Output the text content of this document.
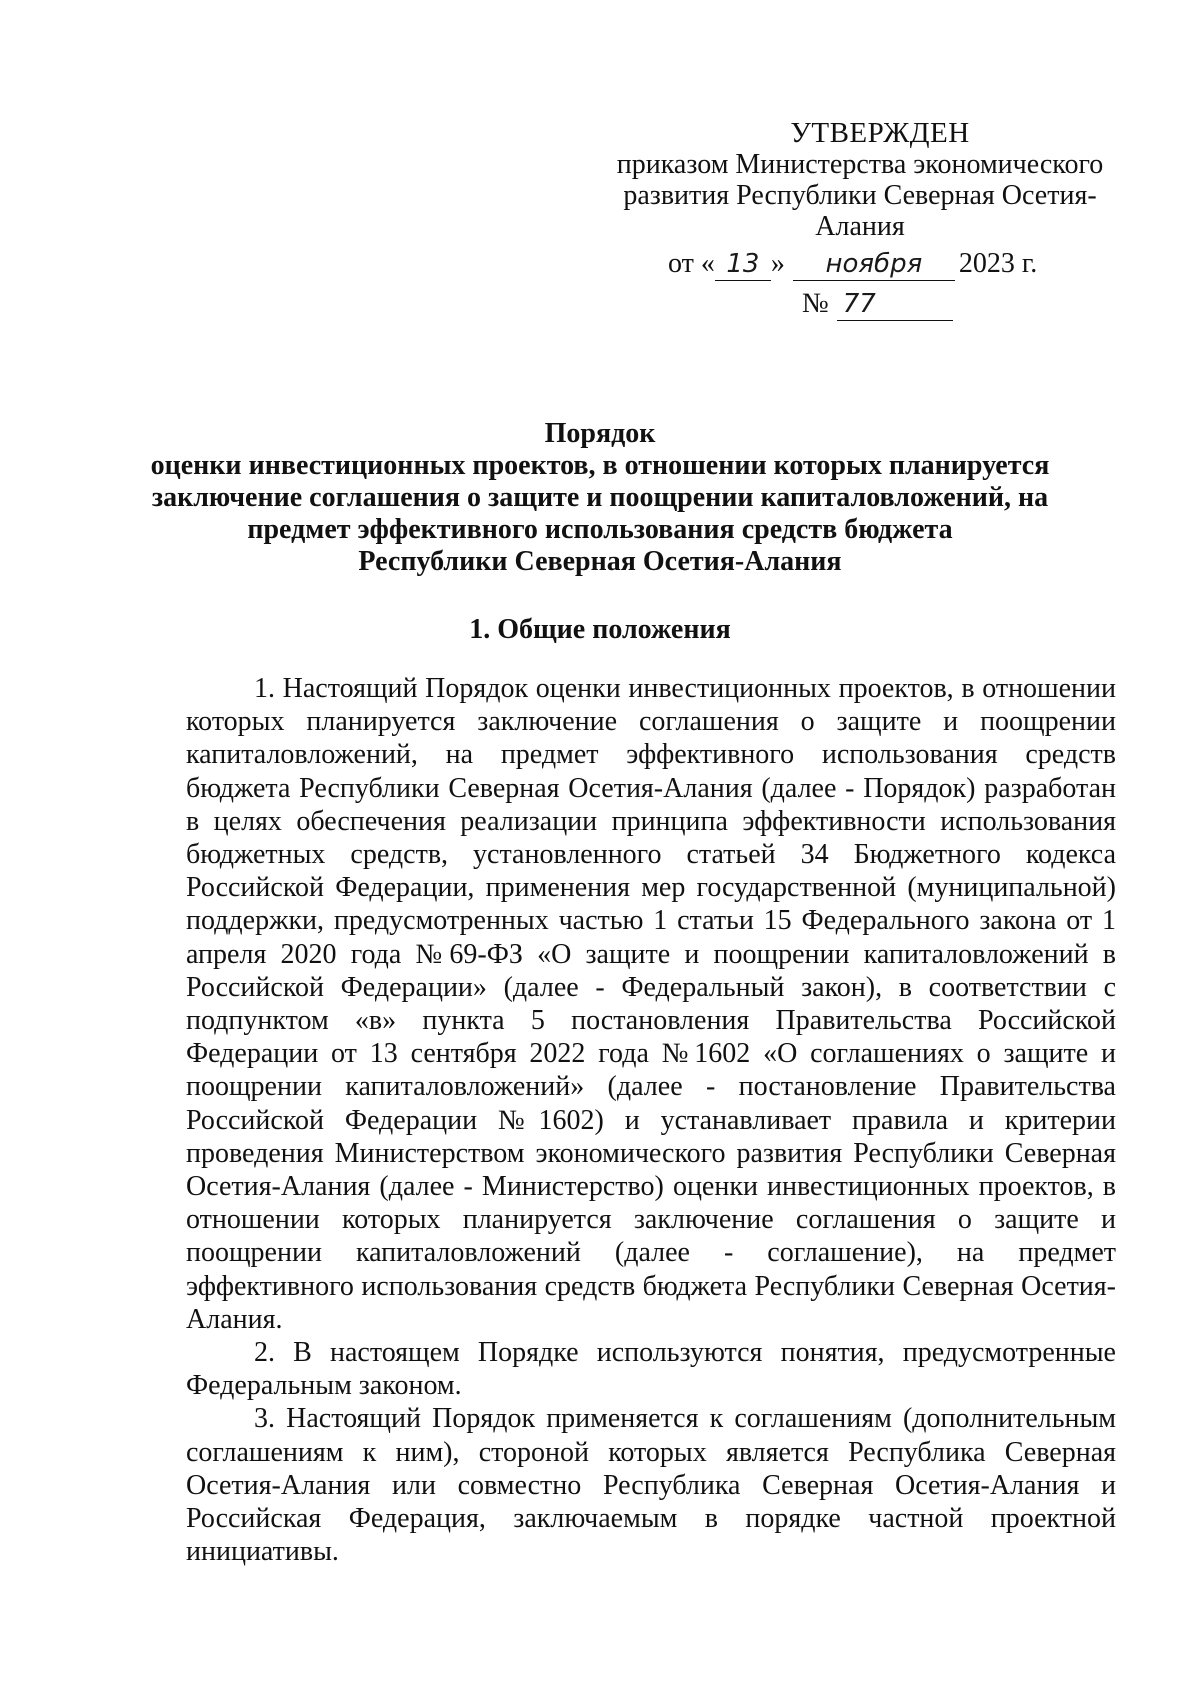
УТВЕРЖДЕН
приказом Министерства экономического
развития Республики Северная Осетия-
Алания
от « 13 » ноября 2023 г.
№ 77
Порядок
оценки инвестиционных проектов, в отношении которых планируется
заключение соглашения о защите и поощрении капиталовложений, на
предмет эффективного использования средств бюджета
Республики Северная Осетия-Алания
1. Общие положения

1. Настоящий Порядок оценки инвестиционных проектов, в отношении которых планируется заключение соглашения о защите и поощрении капиталовложений, на предмет эффективного использования средств бюджета Республики Северная Осетия-Алания (далее - Порядок) разработан в целях обеспечения реализации принципа эффективности использования бюджетных средств, установленного статьей 34 Бюджетного кодекса Российской Федерации, применения мер государственной (муниципальной) поддержки, предусмотренных частью 1 статьи 15 Федерального закона от 1 апреля 2020 года №69-ФЗ «О защите и поощрении капиталовложений в Российской Федерации» (далее - Федеральный закон), в соответствии с подпунктом «в» пункта 5 постановления Правительства Российской Федерации от 13 сентября 2022 года №1602 «О соглашениях о защите и поощрении капиталовложений» (далее - постановление Правительства Российской Федерации №1602) и устанавливает правила и критерии проведения Министерством экономического развития Республики Северная Осетия-Алания (далее - Министерство) оценки инвестиционных проектов, в отношении которых планируется заключение соглашения о защите и поощрении капиталовложений (далее - соглашение), на предмет эффективного использования средств бюджета Республики Северная Осетия-Алания.

2. В настоящем Порядке используются понятия, предусмотренные Федеральным законом.

3. Настоящий Порядок применяется к соглашениям (дополнительным соглашениям к ним), стороной которых является Республика Северная Осетия-Алания или совместно Республика Северная Осетия-Алания и Российская Федерация, заключаемым в порядке частной проектной инициативы.
